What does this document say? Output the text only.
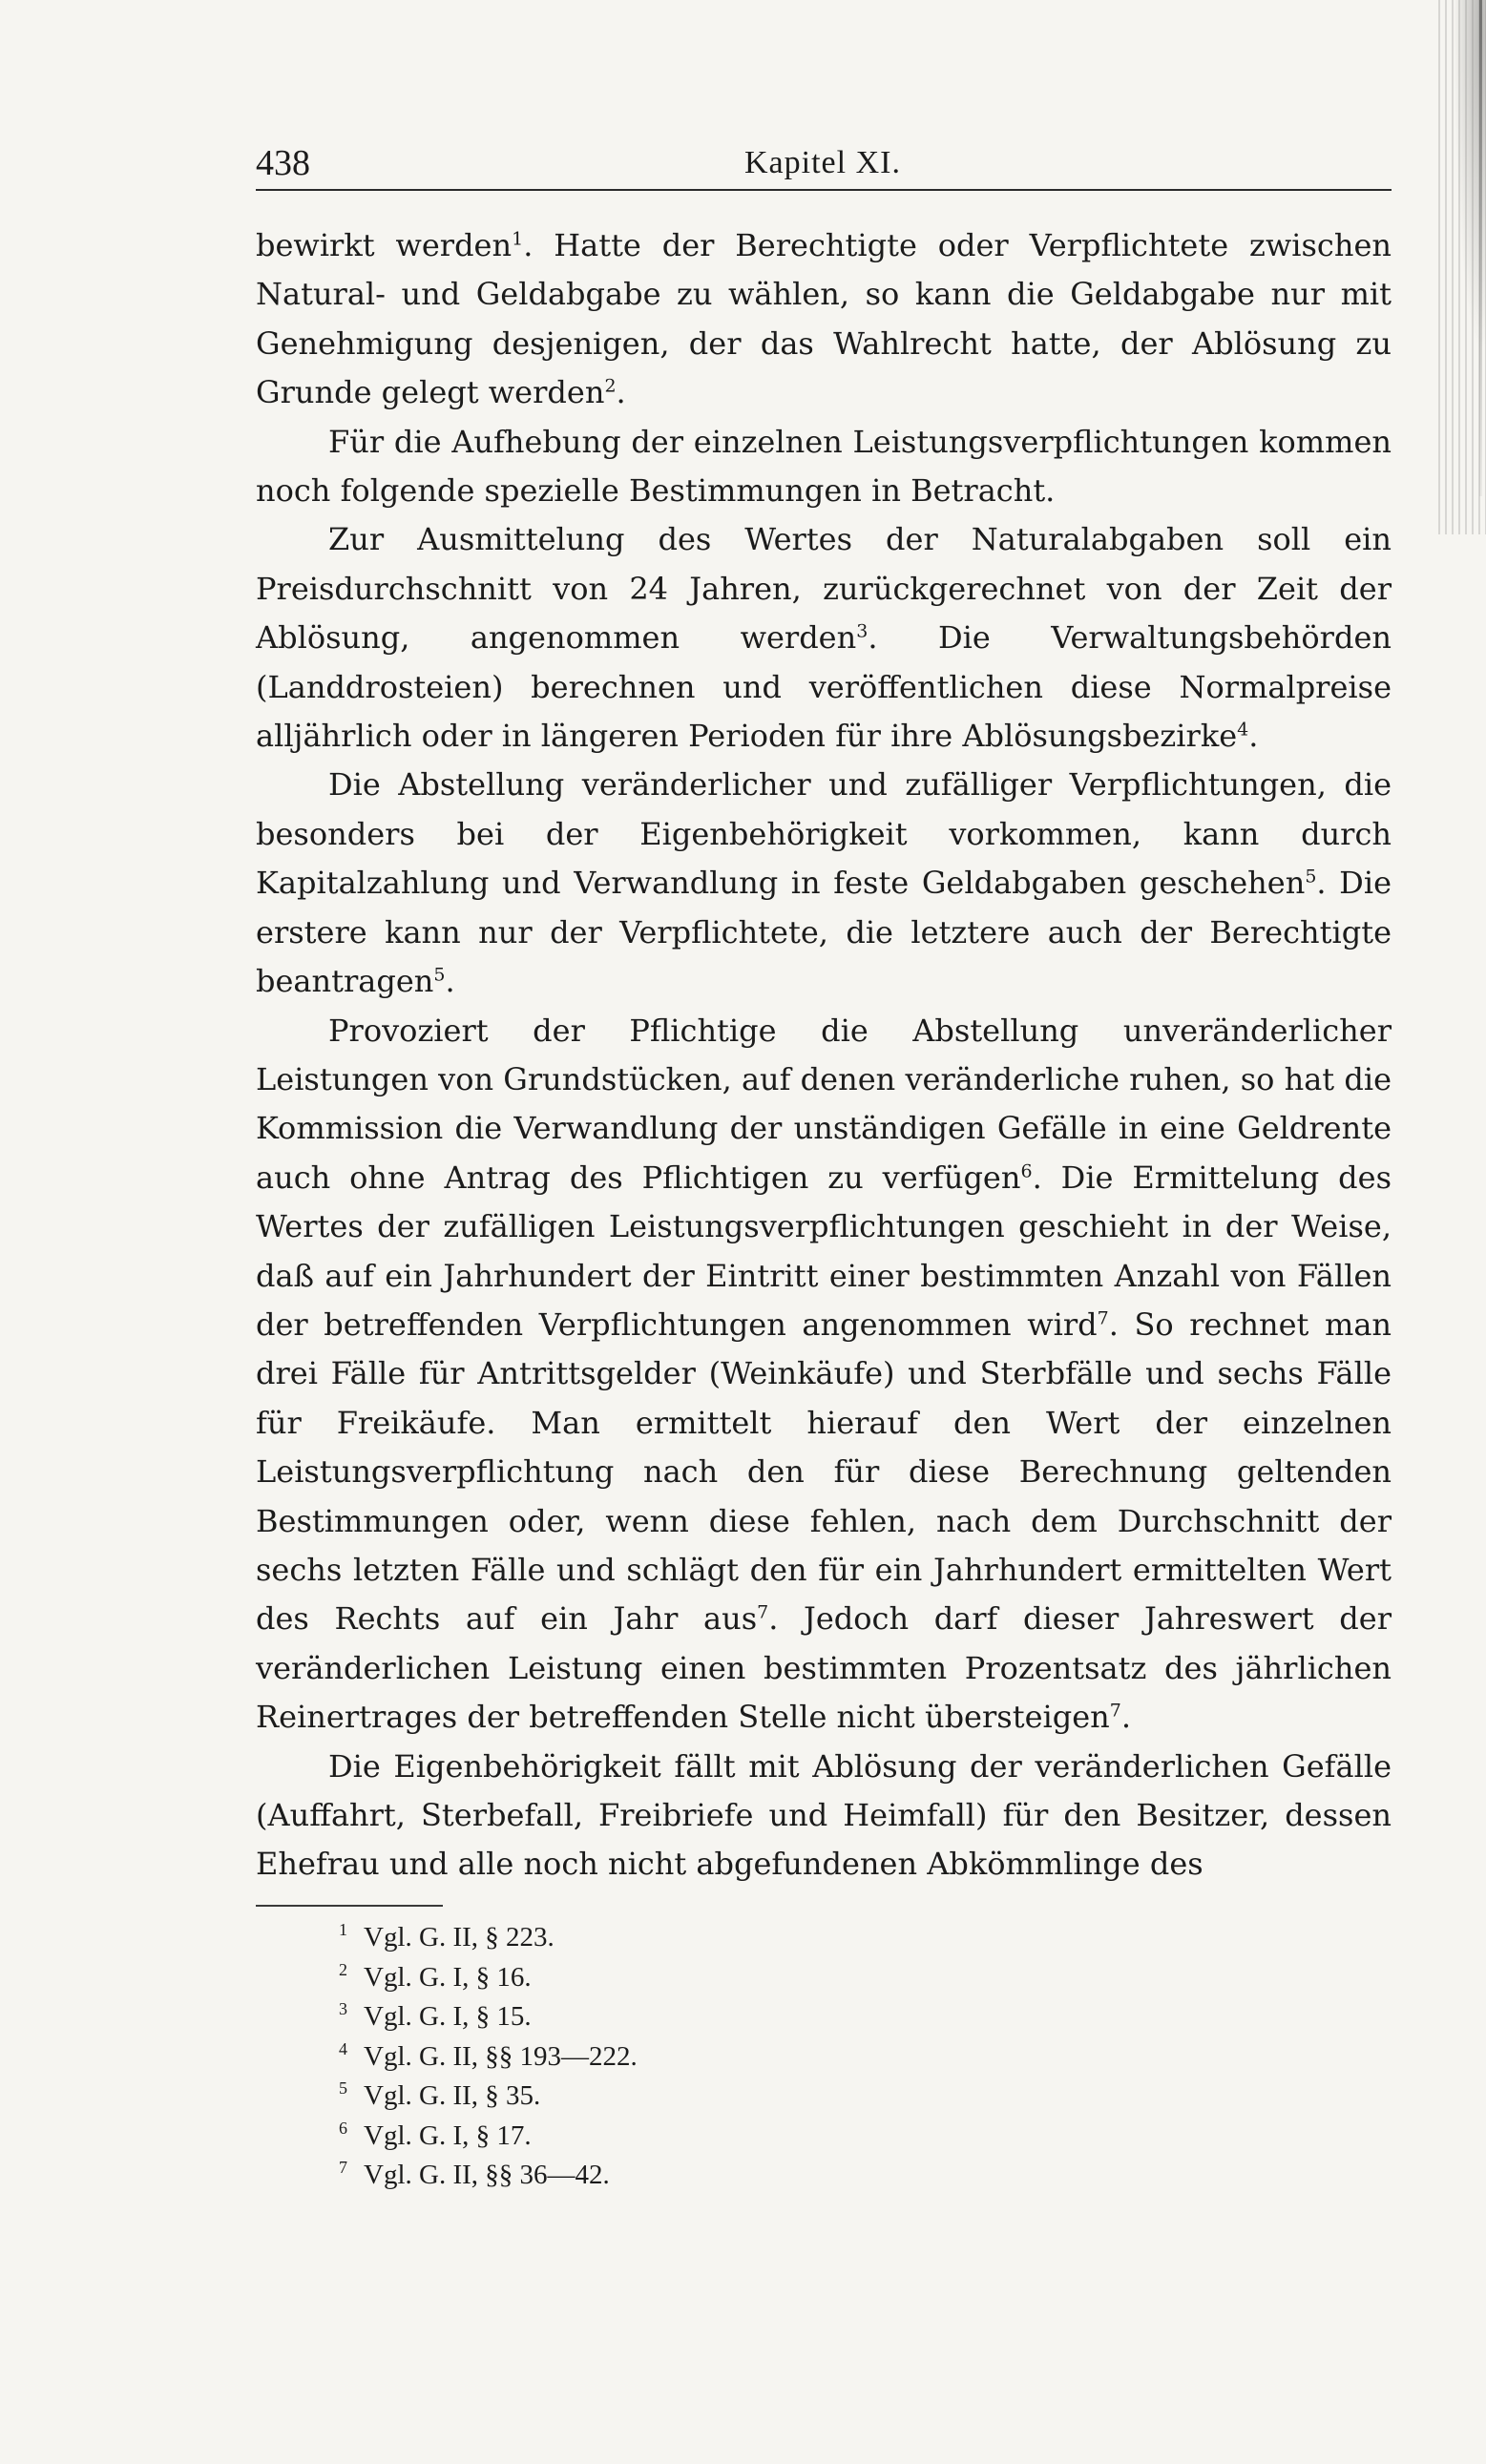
438	Kapitel XI.

bewirkt werden$^1$. Hatte der Berechtigte oder Verpflichtete zwischen Natural- und Geldabgabe zu wählen, so kann die Geldabgabe nur mit Genehmigung desjenigen, der das Wahlrecht hatte, der Ablösung zu Grunde gelegt werden$^2$.

Für die Aufhebung der einzelnen Leistungsverpflichtungen kommen noch folgende spezielle Bestimmungen in Betracht.

Zur Ausmittelung des Wertes der Naturalabgaben soll ein Preisdurchschnitt von 24 Jahren, zurückgerechnet von der Zeit der Ablösung, angenommen werden$^3$. Die Verwaltungsbehörden (Landdrosteien) berechnen und veröffentlichen diese Normalpreise alljährlich oder in längeren Perioden für ihre Ablösungsbezirke$^4$.

Die Abstellung veränderlicher und zufälliger Verpflichtungen, die besonders bei der Eigenbehörigkeit vorkommen, kann durch Kapitalzahlung und Verwandlung in feste Geldabgaben geschehen$^5$. Die erstere kann nur der Verpflichtete, die letztere auch der Berechtigte beantragen$^5$.

Provoziert der Pflichtige die Abstellung unveränderlicher Leistungen von Grundstücken, auf denen veränderliche ruhen, so hat die Kommission die Verwandlung der unständigen Gefälle in eine Geldrente auch ohne Antrag des Pflichtigen zu verfügen$^6$. Die Ermittelung des Wertes der zufälligen Leistungsverpflichtungen geschieht in der Weise, daß auf ein Jahrhundert der Eintritt einer bestimmten Anzahl von Fällen der betreffenden Verpflichtungen angenommen wird$^7$. So rechnet man drei Fälle für Antrittsgelder (Weinkäufe) und Sterbfälle und sechs Fälle für Freikäufe. Man ermittelt hierauf den Wert der einzelnen Leistungsverpflichtung nach den für diese Berechnung geltenden Bestimmungen oder, wenn diese fehlen, nach dem Durchschnitt der sechs letzten Fälle und schlägt den für ein Jahrhundert ermittelten Wert des Rechts auf ein Jahr aus$^7$. Jedoch darf dieser Jahreswert der veränderlichen Leistung einen bestimmten Prozentsatz des jährlichen Reinertrages der betreffenden Stelle nicht übersteigen$^7$.

Die Eigenbehörigkeit fällt mit Ablösung der veränderlichen Gefälle (Auffahrt, Sterbefall, Freibriefe und Heimfall) für den Besitzer, dessen Ehefrau und alle noch nicht abgefundenen Abkömmlinge des

1 Vgl. G. II, § 223.
2 Vgl. G. I, § 16.
3 Vgl. G. I, § 15.
4 Vgl. G. II, §§ 193—222.
5 Vgl. G. II, § 35.
6 Vgl. G. I, § 17.
7 Vgl. G. II, §§ 36—42.
